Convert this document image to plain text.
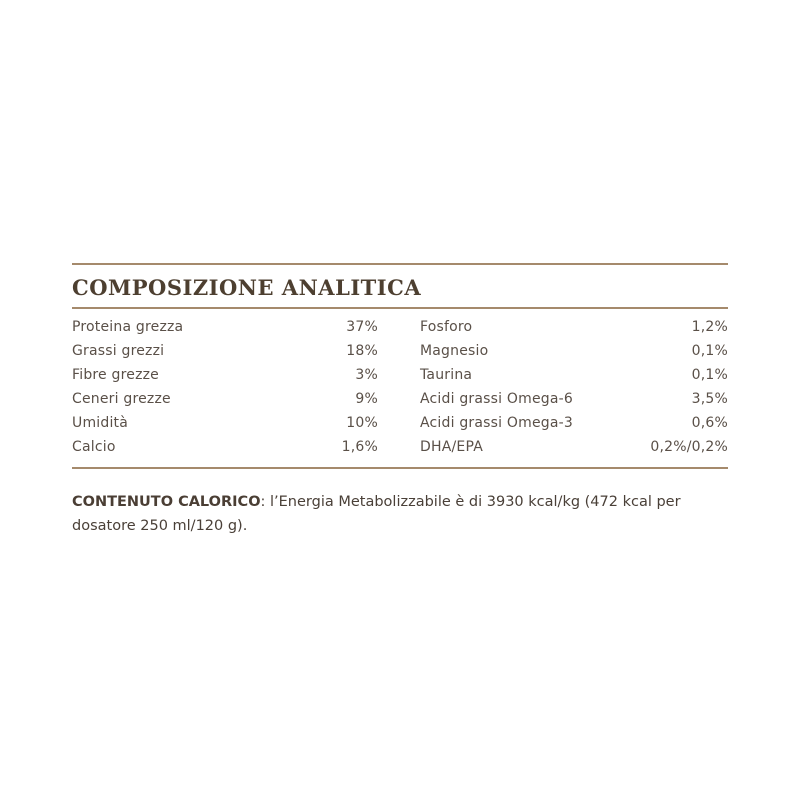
COMPOSIZIONE ANALITICA
Proteina grezza	37%
Grassi grezzi	18%
Fibre grezze	3%
Ceneri grezze	9%
Umidità	10%
Calcio	1,6%
Fosforo	1,2%
Magnesio	0,1%
Taurina	0,1%
Acidi grassi Omega-6	3,5%
Acidi grassi Omega-3	0,6%
DHA/EPA	0,2%/0,2%
CONTENUTO CALORICO: l’Energia Metabolizzabile è di 3930 kcal/kg (472 kcal per dosatore 250 ml/120 g).
